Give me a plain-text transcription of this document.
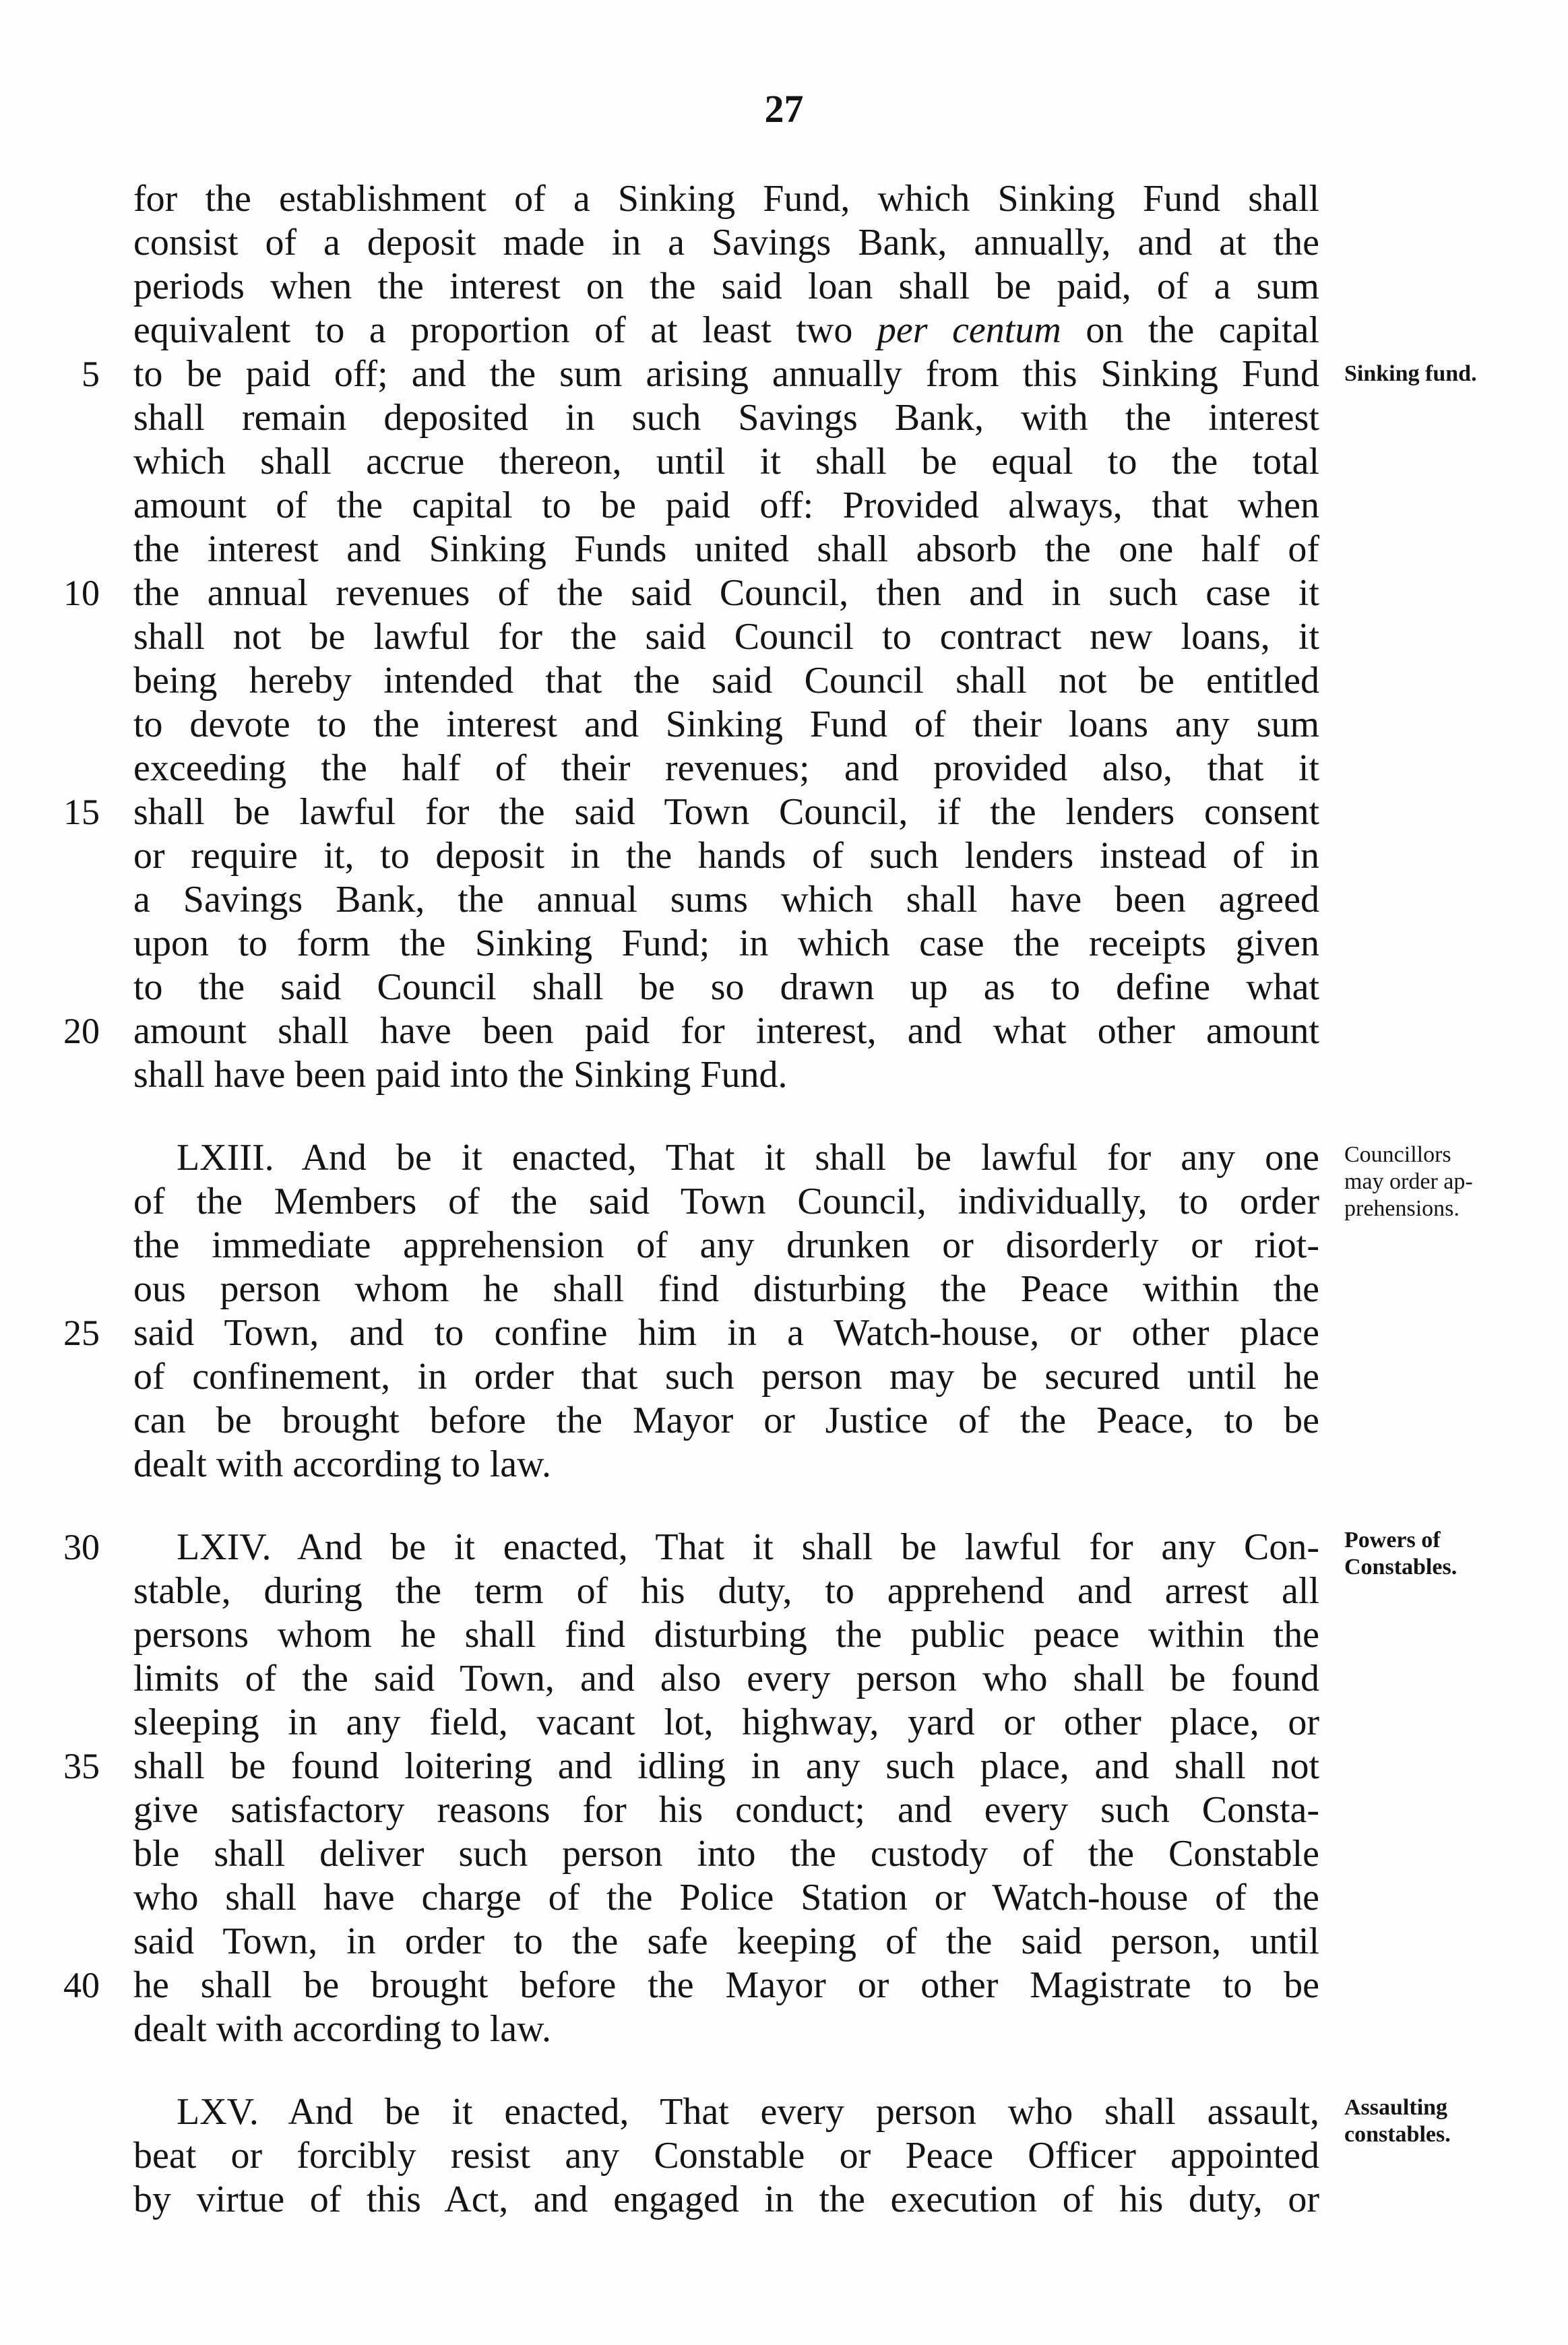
27
for the establishment of a Sinking Fund, which Sinking Fund shall
consist of a deposit made in a Savings Bank, annually, and at the
periods when the interest on the said loan shall be paid, of a sum
equivalent to a proportion of at least two per centum on the capital
to be paid off; and the sum arising annually from this Sinking Fund
shall remain deposited in such Savings Bank, with the interest
which shall accrue thereon, until it shall be equal to the total
amount of the capital to be paid off: Provided always, that when
the interest and Sinking Funds united shall absorb the one half of
the annual revenues of the said Council, then and in such case it
shall not be lawful for the said Council to contract new loans, it
being hereby intended that the said Council shall not be entitled
to devote to the interest and Sinking Fund of their loans any sum
exceeding the half of their revenues; and provided also, that it
shall be lawful for the said Town Council, if the lenders consent
or require it, to deposit in the hands of such lenders instead of in
a Savings Bank, the annual sums which shall have been agreed
upon to form the Sinking Fund; in which case the receipts given
to the said Council shall be so drawn up as to define what
amount shall have been paid for interest, and what other amount
shall have been paid into the Sinking Fund.
LXIII. And be it enacted, That it shall be lawful for any one
of the Members of the said Town Council, individually, to order
the immediate apprehension of any drunken or disorderly or riot-
ous person whom he shall find disturbing the Peace within the
said Town, and to confine him in a Watch-house, or other place
of confinement, in order that such person may be secured until he
can be brought before the Mayor or Justice of the Peace, to be
dealt with according to law.
LXIV. And be it enacted, That it shall be lawful for any Con-
stable, during the term of his duty, to apprehend and arrest all
persons whom he shall find disturbing the public peace within the
limits of the said Town, and also every person who shall be found
sleeping in any field, vacant lot, highway, yard or other place, or
shall be found loitering and idling in any such place, and shall not
give satisfactory reasons for his conduct; and every such Consta-
ble shall deliver such person into the custody of the Constable
who shall have charge of the Police Station or Watch-house of the
said Town, in order to the safe keeping of the said person, until
he shall be brought before the Mayor or other Magistrate to be
dealt with according to law.
LXV. And be it enacted, That every person who shall assault,
beat or forcibly resist any Constable or Peace Officer appointed
by virtue of this Act, and engaged in the execution of his duty, or
5
10
15
20
25
30
35
40
Sinking fund.
Councillors
may order ap-
prehensions.
Powers of
Constables.
Assaulting
constables.
